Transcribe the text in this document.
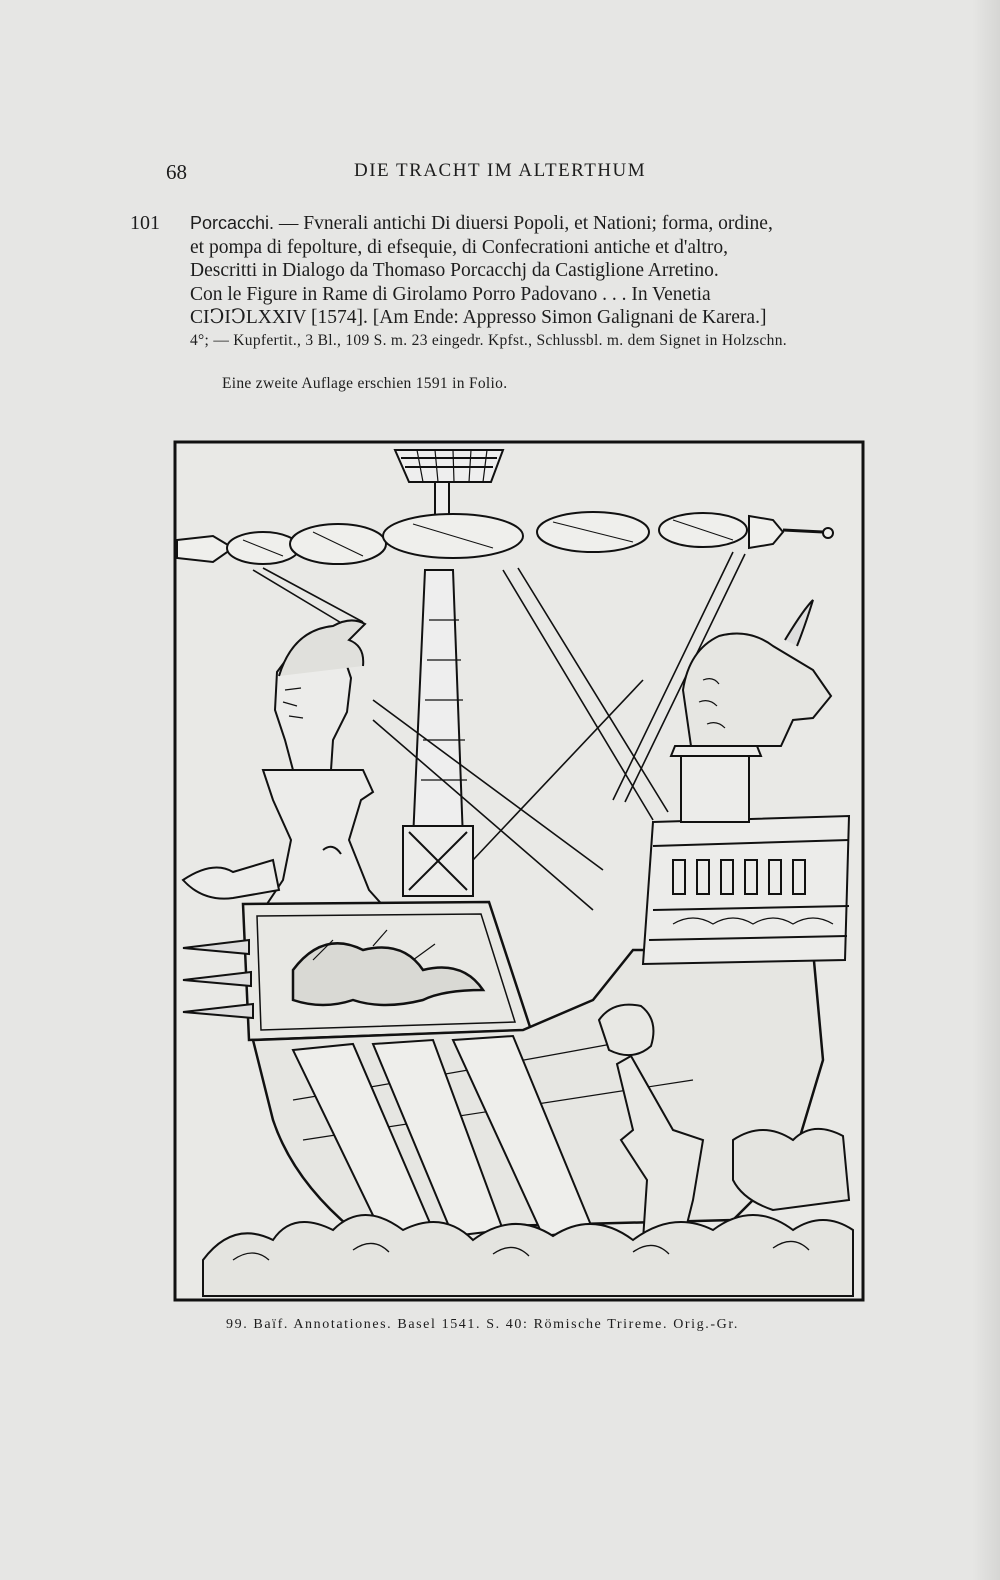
68	DIE TRACHT IM ALTERTHUM
101 Porcacchi. — Fvnerali antichi Di diuersi Popoli, et Nationi; forma, ordine,
et pompa di fepolture, di efsequie, di Confecrationi antiche et d'altro,
Descritti in Dialogo da Thomaso Porcacchj da Castiglione Arretino.
Con le Figure in Rame di Girolamo Porro Padovano . . . In Venetia
CIↃIↃLXXIV [1574]. [Am Ende: Appresso Simon Galignani de Karera.]
4°; — Kupfertit., 3 Bl., 109 S. m. 23 eingedr. Kpfst., Schlussbl. m. dem Signet in Holzschn.
Eine zweite Auflage erschien 1591 in Folio.
99. Baïf. Annotationes. Basel 1541. S. 40: Römische Trireme. Orig.-Gr.
